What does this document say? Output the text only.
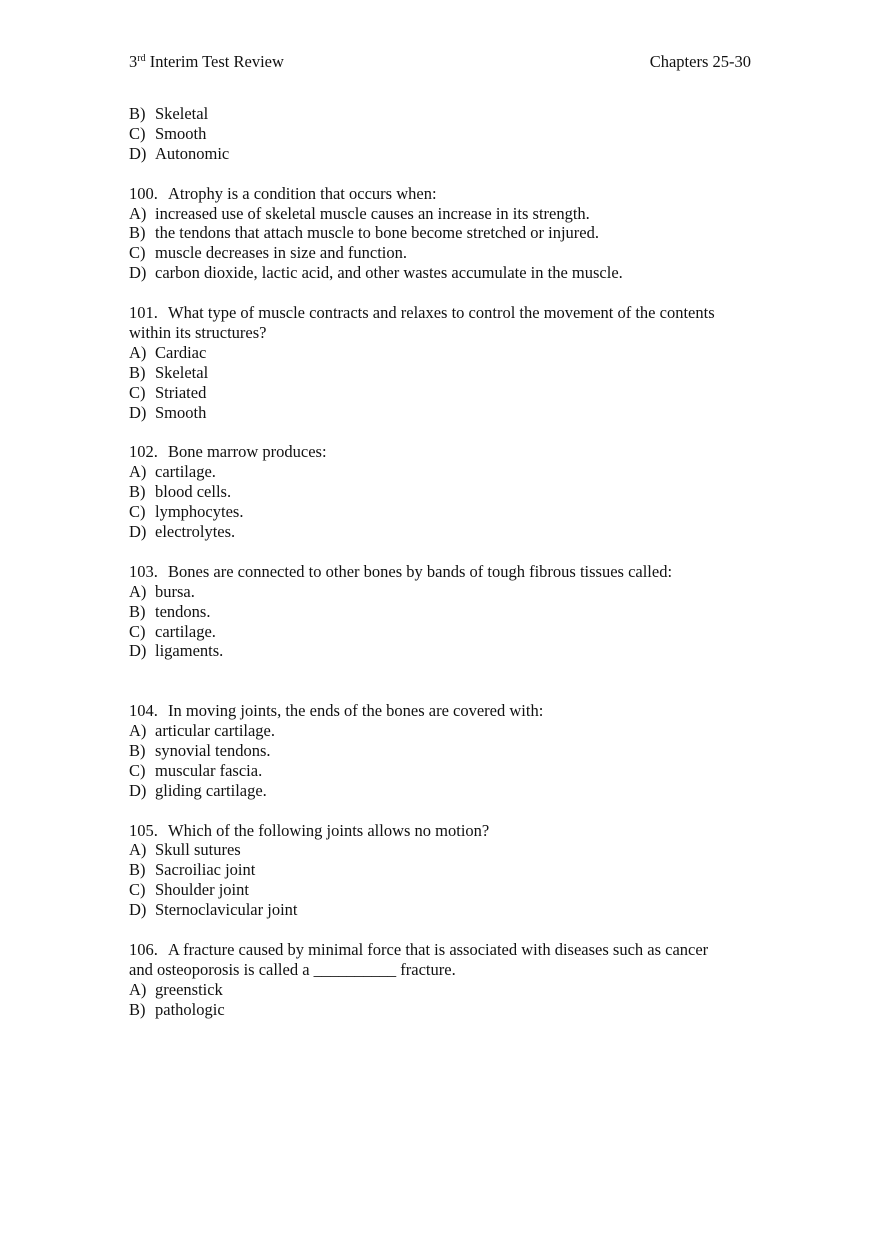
3rd Interim Test Review	Chapters 25-30
B) Skeletal
C) Smooth
D) Autonomic
100. Atrophy is a condition that occurs when:
A) increased use of skeletal muscle causes an increase in its strength.
B) the tendons that attach muscle to bone become stretched or injured.
C) muscle decreases in size and function.
D) carbon dioxide, lactic acid, and other wastes accumulate in the muscle.
101. What type of muscle contracts and relaxes to control the movement of the contents
within its structures?
A) Cardiac
B) Skeletal
C) Striated
D) Smooth
102. Bone marrow produces:
A) cartilage.
B) blood cells.
C) lymphocytes.
D) electrolytes.
103. Bones are connected to other bones by bands of tough fibrous tissues called:
A) bursa.
B) tendons.
C) cartilage.
D) ligaments.
104. In moving joints, the ends of the bones are covered with:
A) articular cartilage.
B) synovial tendons.
C) muscular fascia.
D) gliding cartilage.
105. Which of the following joints allows no motion?
A) Skull sutures
B) Sacroiliac joint
C) Shoulder joint
D) Sternoclavicular joint
106. A fracture caused by minimal force that is associated with diseases such as cancer
and osteoporosis is called a __________ fracture.
A) greenstick
B) pathologic
